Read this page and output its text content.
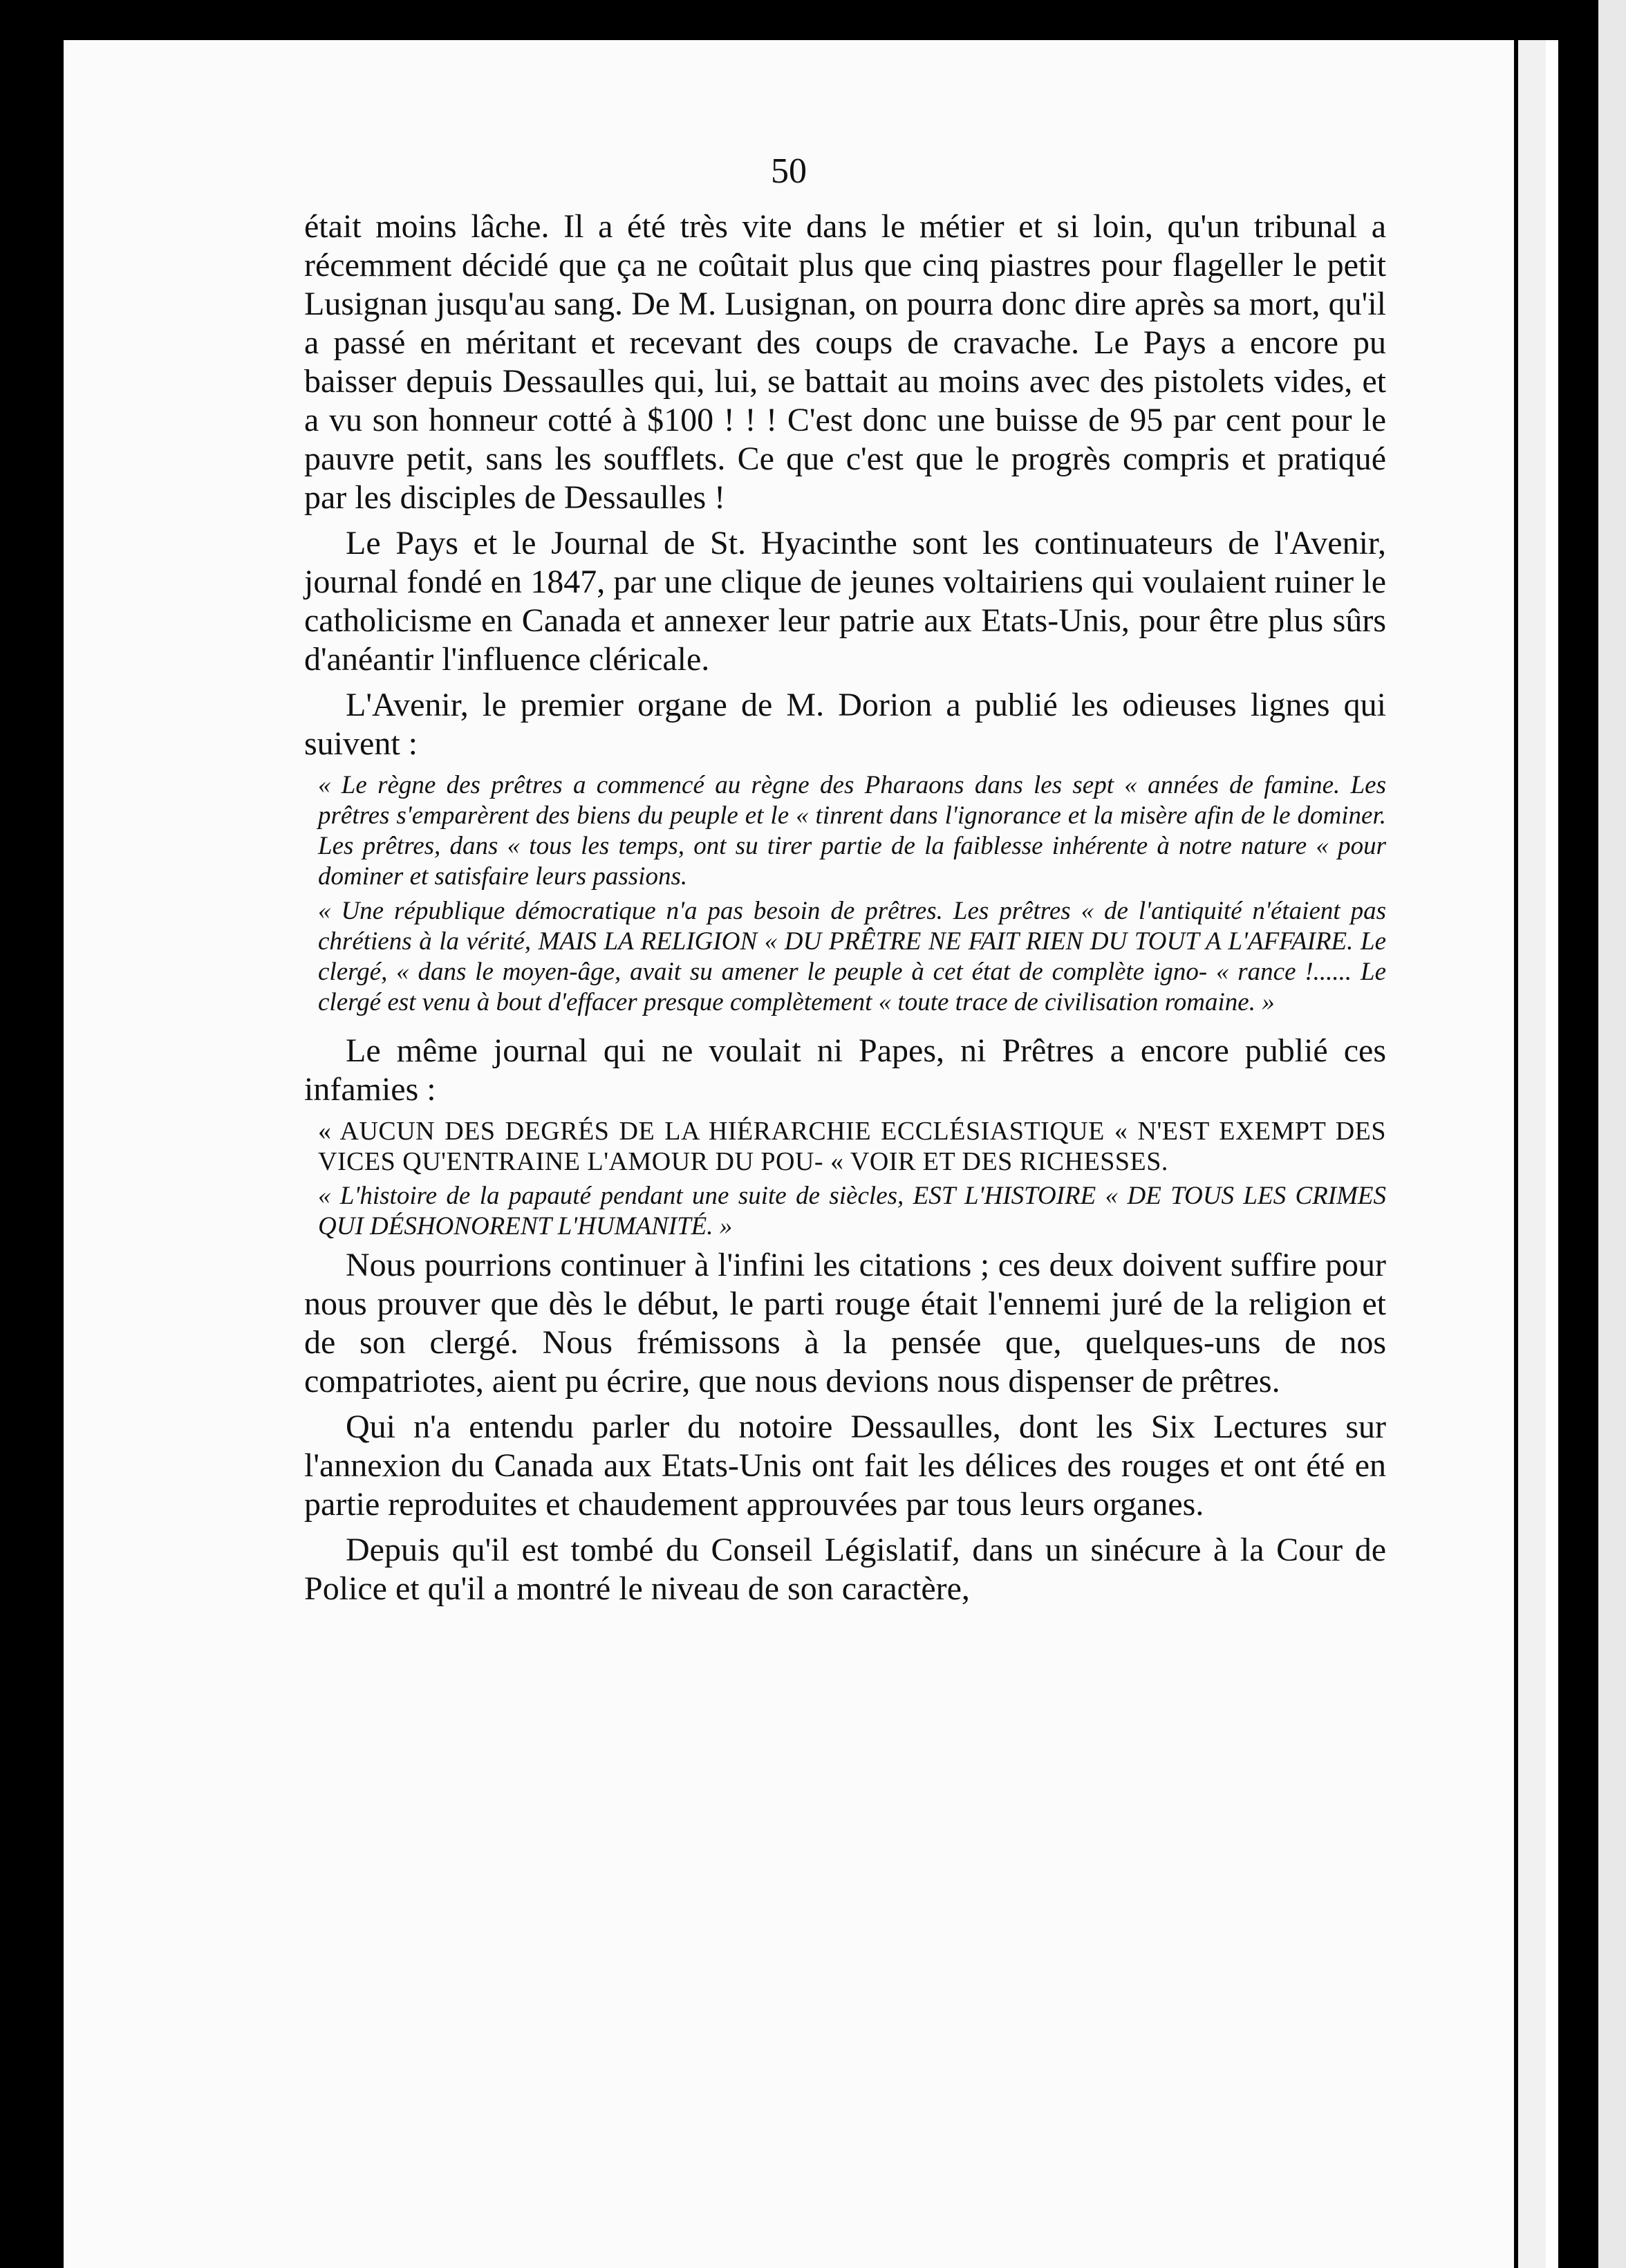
50

était moins lâche. Il a été très vite dans le métier et si loin, qu'un tribunal a récemment décidé que ça ne coûtait plus que cinq piastres pour flageller le petit Lusignan jusqu'au sang. De M. Lusignan, on pourra donc dire après sa mort, qu'il a passé en méritant et recevant des coups de cravache. Le Pays a encore pu baisser depuis Dessaulles qui, lui, se battait au moins avec des pistolets vides, et a vu son honneur cotté à $100 ! ! ! C'est donc une buisse de 95 par cent pour le pauvre petit, sans les soufflets. Ce que c'est que le progrès compris et pratiqué par les disciples de Dessaulles !

Le Pays et le Journal de St. Hyacinthe sont les continuateurs de l'Avenir, journal fondé en 1847, par une clique de jeunes voltairiens qui voulaient ruiner le catholicisme en Canada et annexer leur patrie aux Etats-Unis, pour être plus sûrs d'anéantir l'influence cléricale.

L'Avenir, le premier organe de M. Dorion a publié les odieuses lignes qui suivent :

« Le règne des prêtres a commencé au règne des Pharaons dans les sept « années de famine. Les prêtres s'emparèrent des biens du peuple et le « tinrent dans l'ignorance et la misère afin de le dominer. Les prêtres, dans « tous les temps, ont su tirer partie de la faiblesse inhérente à notre nature « pour dominer et satisfaire leurs passions.

« Une république démocratique n'a pas besoin de prêtres. Les prêtres « de l'antiquité n'étaient pas chrétiens à la vérité, MAIS LA RELIGION « DU PRÊTRE NE FAIT RIEN DU TOUT A L'AFFAIRE. Le clergé, « dans le moyen-âge, avait su amener le peuple à cet état de complète igno- « rance !...... Le clergé est venu à bout d'effacer presque complètement « toute trace de civilisation romaine. »

Le même journal qui ne voulait ni Papes, ni Prêtres a encore publié ces infamies :

« AUCUN DES DEGRÉS DE LA HIÉRARCHIE ECCLÉSIASTIQUE « N'EST EXEMPT DES VICES QU'ENTRAINE L'AMOUR DU POU- « VOIR ET DES RICHESSES.

« L'histoire de la papauté pendant une suite de siècles, EST L'HISTOIRE « DE TOUS LES CRIMES QUI DÉSHONORENT L'HUMANITÉ. »

Nous pourrions continuer à l'infini les citations ; ces deux doivent suffire pour nous prouver que dès le début, le parti rouge était l'ennemi juré de la religion et de son clergé. Nous frémissons à la pensée que, quelques-uns de nos compatriotes, aient pu écrire, que nous devions nous dispenser de prêtres.

Qui n'a entendu parler du notoire Dessaulles, dont les Six Lectures sur l'annexion du Canada aux Etats-Unis ont fait les délices des rouges et ont été en partie reproduites et chaudement approuvées par tous leurs organes.

Depuis qu'il est tombé du Conseil Législatif, dans un sinécure à la Cour de Police et qu'il a montré le niveau de son caractère,
